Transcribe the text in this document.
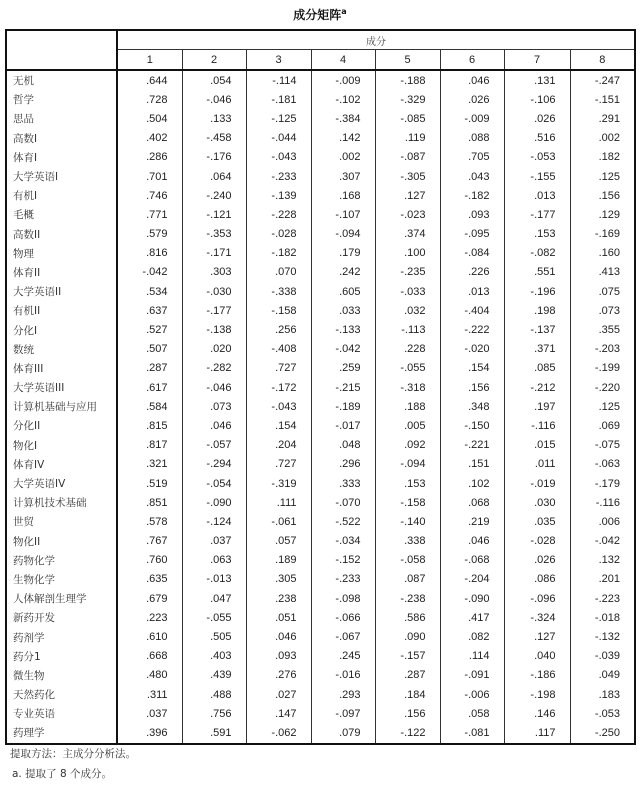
成分矩阵$^a$
	成分							
	1	2	3	4	5	6	7	8
无机	.644	.054	-.114	-.009	-.188	.046	.131	-.247
哲学	.728	-.046	-.181	-.102	-.329	.026	-.106	-.151
思品	.504	.133	-.125	-.384	-.085	-.009	.026	.291
高数I	.402	-.458	-.044	.142	.119	.088	.516	.002
体育I	.286	-.176	-.043	.002	-.087	.705	-.053	.182
大学英语I	.701	.064	-.233	.307	-.305	.043	-.155	.125
有机I	.746	-.240	-.139	.168	.127	-.182	.013	.156
毛概	.771	-.121	-.228	-.107	-.023	.093	-.177	.129
高数II	.579	-.353	-.028	-.094	.374	-.095	.153	-.169
物理	.816	-.171	-.182	.179	.100	-.084	-.082	.160
体育II	-.042	.303	.070	.242	-.235	.226	.551	.413
大学英语II	.534	-.030	-.338	.605	-.033	.013	-.196	.075
有机II	.637	-.177	-.158	.033	.032	-.404	.198	.073
分化I	.527	-.138	.256	-.133	-.113	-.222	-.137	.355
数统	.507	.020	-.408	-.042	.228	-.020	.371	-.203
体育III	.287	-.282	.727	.259	-.055	.154	.085	-.199
大学英语III	.617	-.046	-.172	-.215	-.318	.156	-.212	-.220
计算机基础与应用	.584	.073	-.043	-.189	.188	.348	.197	.125
分化II	.815	.046	.154	-.017	.005	-.150	-.116	.069
物化I	.817	-.057	.204	.048	.092	-.221	.015	-.075
体育IV	.321	-.294	.727	.296	-.094	.151	.011	-.063
大学英语IV	.519	-.054	-.319	.333	.153	.102	-.019	-.179
计算机技术基础	.851	-.090	.111	-.070	-.158	.068	.030	-.116
世贸	.578	-.124	-.061	-.522	-.140	.219	.035	.006
物化II	.767	.037	.057	-.034	.338	.046	-.028	-.042
药物化学	.760	.063	.189	-.152	-.058	-.068	.026	.132
生物化学	.635	-.013	.305	-.233	.087	-.204	.086	.201
人体解剖生理学	.679	.047	.238	-.098	-.238	-.090	-.096	-.223
新药开发	.223	-.055	.051	-.066	.586	.417	-.324	-.018
药剂学	.610	.505	.046	-.067	.090	.082	.127	-.132
药分1	.668	.403	.093	.245	-.157	.114	.040	-.039
微生物	.480	.439	.276	-.016	.287	-.091	-.186	.049
天然药化	.311	.488	.027	.293	.184	-.006	-.198	.183
专业英语	.037	.756	.147	-.097	.156	.058	.146	-.053
药理学	.396	.591	-.062	.079	-.122	-.081	.117	-.250
提取方法：主成分分析法。
a. 提取了 8 个成分。
